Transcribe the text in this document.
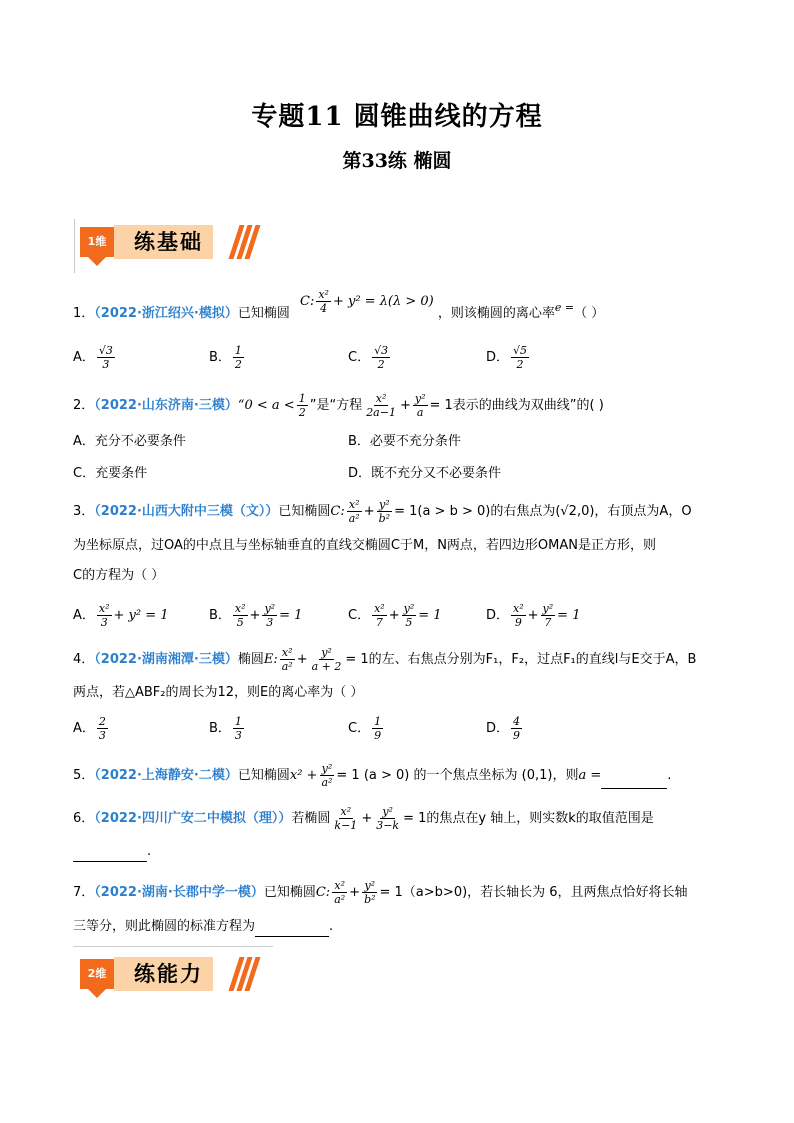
专题11 圆锥曲线的方程
第33练 椭圆
1维	练基础
1．（2022·浙江绍兴·模拟）已知椭圆 C: $\frac{\text{x²}}{4} + y^2 = \lambda(\lambda > 0)$ ，则该椭圆的离心率$^{e =}$（ ）
A． $\frac{√3}{3}$	B． $\frac{1}{2}$	C． $\frac{√3}{2}$	D． $\frac{√5}{2}$
2．（2022·山东济南·三模）“0 < $a < \frac{1}{2}$ ”是“方程 $\frac{\text{x²}}{2a-1} + \frac{\text{y²}}{a} = 1$表示的曲线为双曲线”的( )
A．充分不必要条件	B．必要不充分条件
C．充要条件	D．既不充分又不必要条件
3．（2022·山西大附中三模（文））已知椭圆C: $\frac{\text{x²}}{\text{a²}} + \frac{\text{y²}}{\text{b²}} = 1(a > b > 0)$的右焦点为(√2,0)，右顶点为A，O
为坐标原点，过OA的中点且与坐标轴垂直的直线交椭圆C于M，N两点，若四边形OMAN是正方形，则
C的方程为（ ）
A． $\frac{\text{x²}}{3} + y^2 = 1$	B． $\frac{\text{x²}}{5} + \frac{\text{y²}}{3} = 1$	C． $\frac{\text{x²}}{7} + \frac{\text{y²}}{5} = 1$	D． $\frac{\text{x²}}{9} + \frac{\text{y²}}{7} = 1$
4．（2022·湖南湘潭·三模）椭圆E: $\frac{\text{x²}}{\text{a²}} + \frac{\text{y²}}{a + 2} = 1$的左、右焦点分别为F₁，F₂，过点F₁的直线l与E交于A，B
两点，若△ABF₂的周长为12，则E的离心率为（ ）
A． $\frac{2}{3}$	B． $\frac{1}{3}$	C． $\frac{1}{9}$	D． $\frac{4}{9}$
5．（2022·上海静安·二模）已知椭圆$x^2 + \frac{\text{y²}}{\text{a²}} = 1$ (a > 0) 的一个焦点坐标为 (0,1)，则a =	.
6．（2022·四川广安二中模拟（理））若椭圆 $\frac{\text{x²}}{k-1} + \frac{\text{y²}}{3-k} = 1$的焦点在y 轴上，则实数k的取值范围是
.
7．（2022·湖南·长郡中学一模）已知椭圆C: $\frac{\text{x²}}{\text{a²}} + \frac{\text{y²}}{\text{b²}} = 1(a>b>0)$，若长轴长为 6，且两焦点恰好将长轴
三等分，则此椭圆的标准方程为	.
2维	练能力
